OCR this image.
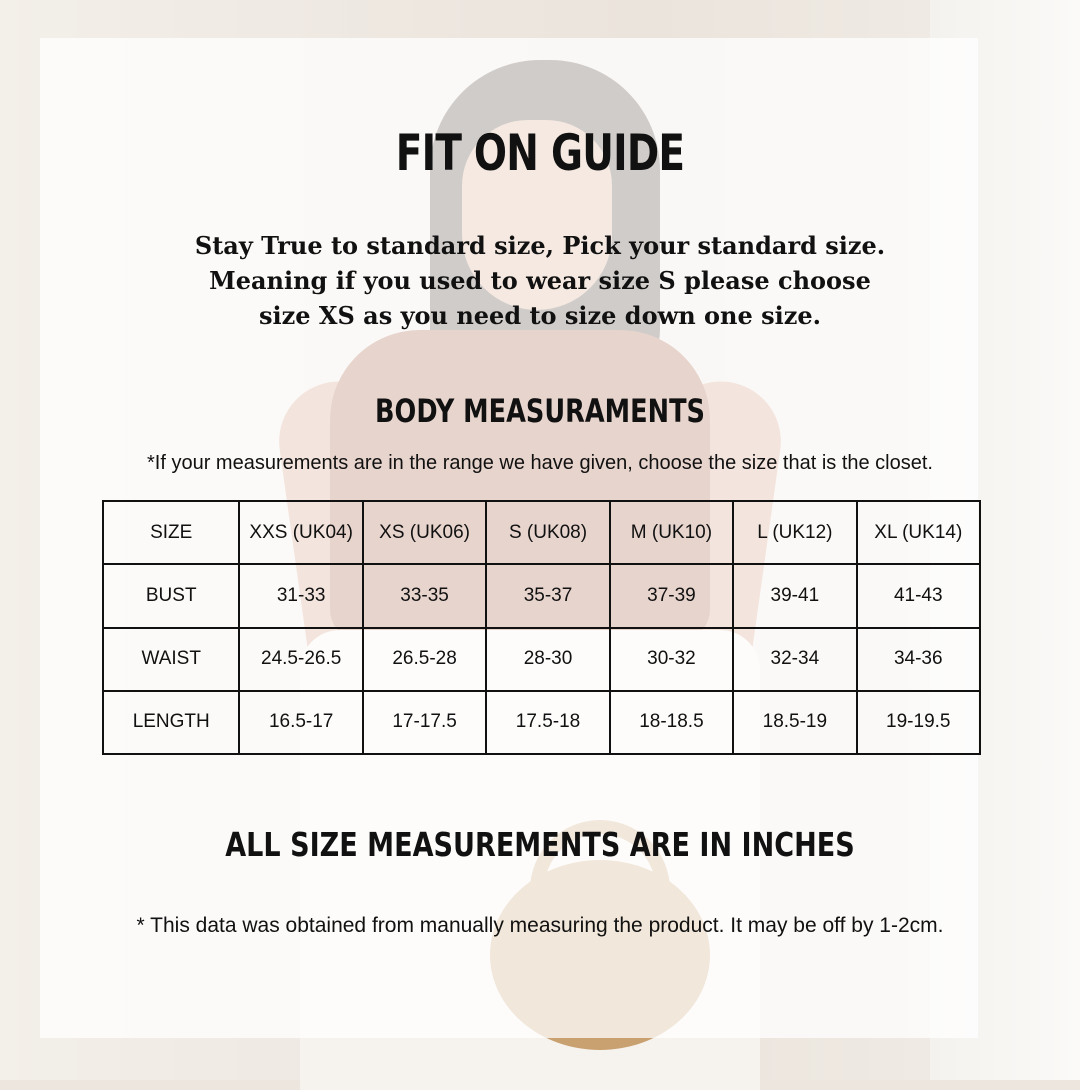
FIT ON GUIDE
Stay True to standard size, Pick your standard size.
Meaning if you used to wear size S please choose
size XS as you need to size down one size.
BODY MEASURAMENTS
*If your measurements are in the range we have given, choose the size that is the closet.
SIZE	XXS (UK04)	XS (UK06)	S (UK08)	M (UK10)	L (UK12)	XL (UK14)
BUST	31-33	33-35	35-37	37-39	39-41	41-43
WAIST	24.5-26.5	26.5-28	28-30	30-32	32-34	34-36
LENGTH	16.5-17	17-17.5	17.5-18	18-18.5	18.5-19	19-19.5
ALL SIZE MEASUREMENTS ARE IN INCHES
* This data was obtained from manually measuring the product. It may be off by 1-2cm.
